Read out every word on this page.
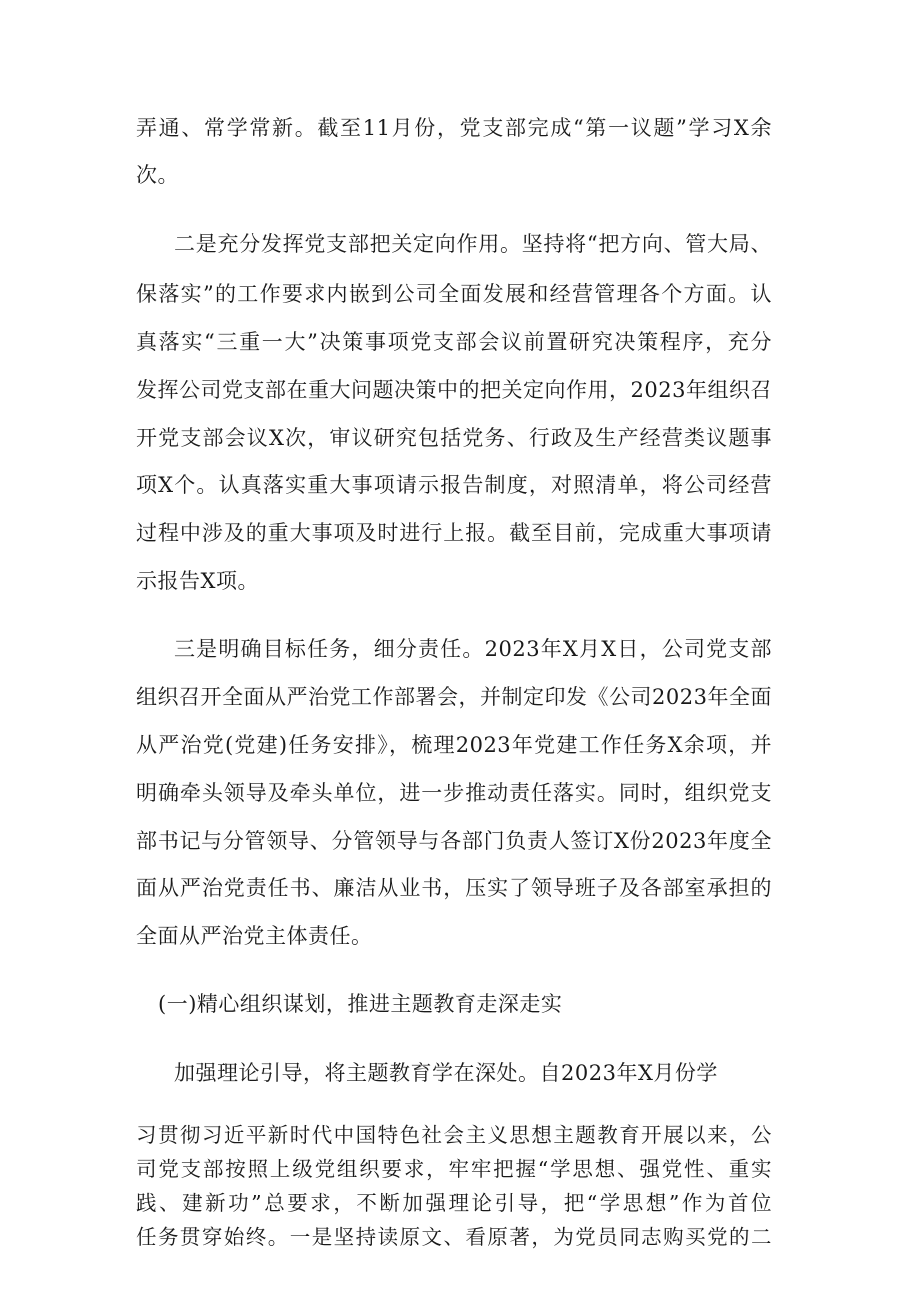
弄通、常学常新。截至11月份，党支部完成“第一议题”学习X余
次。
二是充分发挥党支部把关定向作用。坚持将“把方向、管大局、
保落实”的工作要求内嵌到公司全面发展和经营管理各个方面。认
真落实“三重一大”决策事项党支部会议前置研究决策程序，充分
发挥公司党支部在重大问题决策中的把关定向作用，2023年组织召
开党支部会议X次，审议研究包括党务、行政及生产经营类议题事
项X个。认真落实重大事项请示报告制度，对照清单，将公司经营
过程中涉及的重大事项及时进行上报。截至目前，完成重大事项请
示报告X项。
三是明确目标任务，细分责任。2023年X月X日，公司党支部
组织召开全面从严治党工作部署会，并制定印发《公司2023年全面
从严治党(党建)任务安排》，梳理2023年党建工作任务X余项，并
明确牵头领导及牵头单位，进一步推动责任落实。同时，组织党支
部书记与分管领导、分管领导与各部门负责人签订X份2023年度全
面从严治党责任书、廉洁从业书，压实了领导班子及各部室承担的
全面从严治党主体责任。
(一)精心组织谋划，推进主题教育走深走实
加强理论引导，将主题教育学在深处。自2023年X月份学
习贯彻习近平新时代中国特色社会主义思想主题教育开展以来，公
司党支部按照上级党组织要求，牢牢把握“学思想、强党性、重实
践、建新功”总要求，不断加强理论引导，把“学思想”作为首位
任务贯穿始终。一是坚持读原文、看原著，为党员同志购买党的二
